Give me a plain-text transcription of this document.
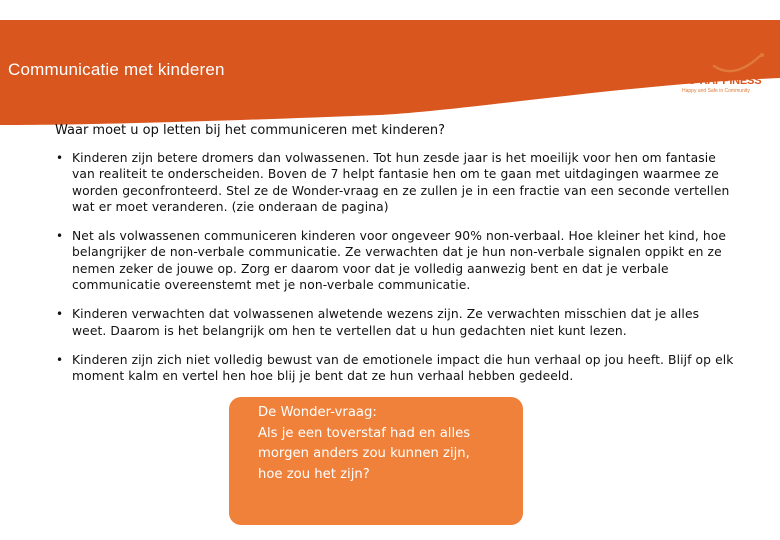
Communicatie met kinderen
CO-HAPPINESS
Happy and Safe in Community
Waar moet u op letten bij het communiceren met kinderen?
• Kinderen zijn betere dromers dan volwassenen. Tot hun zesde jaar is het moeilijk voor hen om fantasie van realiteit te onderscheiden. Boven de 7 helpt fantasie hen om te gaan met uitdagingen waarmee ze worden geconfronteerd. Stel ze de Wonder-vraag en ze zullen je in een fractie van een seconde vertellen wat er moet veranderen. (zie onderaan de pagina)
• Net als volwassenen communiceren kinderen voor ongeveer 90% non-verbaal. Hoe kleiner het kind, hoe belangrijker de non-verbale communicatie. Ze verwachten dat je hun non-verbale signalen oppikt en ze nemen zeker de jouwe op. Zorg er daarom voor dat je volledig aanwezig bent en dat je verbale communicatie overeenstemt met je non-verbale communicatie.
• Kinderen verwachten dat volwassenen alwetende wezens zijn. Ze verwachten misschien dat je alles weet. Daarom is het belangrijk om hen te vertellen dat u hun gedachten niet kunt lezen.
• Kinderen zijn zich niet volledig bewust van de emotionele impact die hun verhaal op jou heeft. Blijf op elk moment kalm en vertel hen hoe blij je bent dat ze hun verhaal hebben gedeeld.
De Wonder-vraag:
Als je een toverstaf had en alles
morgen anders zou kunnen zijn,
hoe zou het zijn?
